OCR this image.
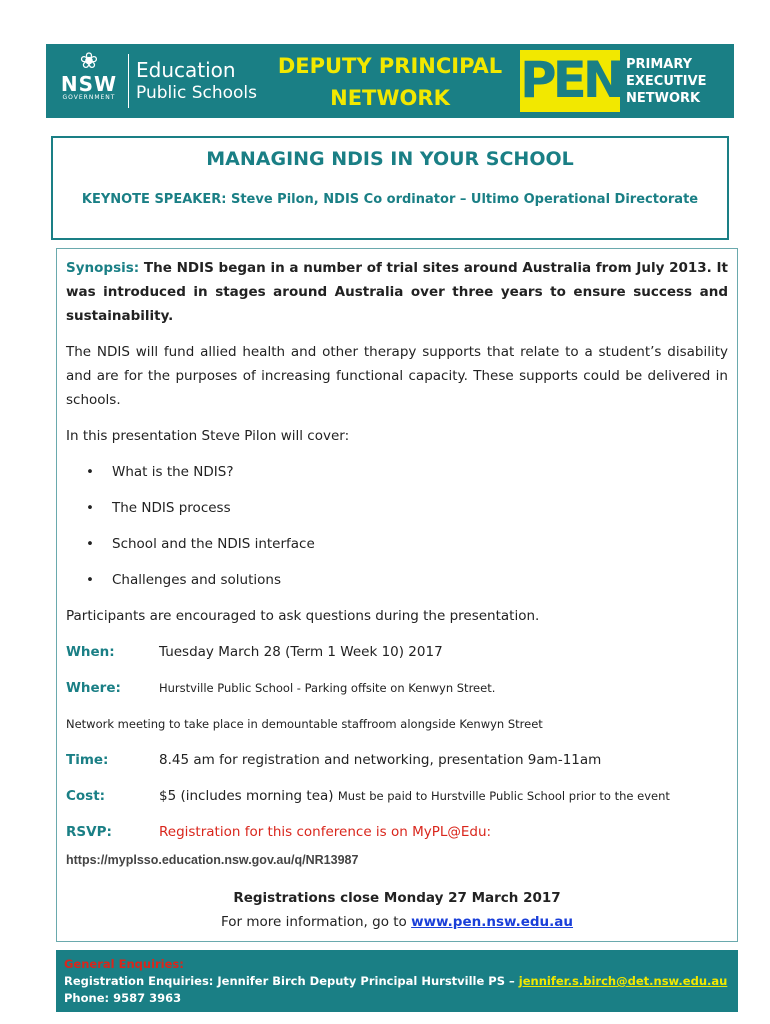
❀
NSW
GOVERNMENT
Education
Public Schools
DEPUTY PRINCIPAL
NETWORK	PEN PRIMARY
EXECUTIVE
NETWORK
MANAGING NDIS IN YOUR SCHOOL
KEYNOTE SPEAKER: Steve Pilon, NDIS Co ordinator – Ultimo Operational Directorate

Synopsis: The NDIS began in a number of trial sites around Australia from July 2013. It was introduced in stages around Australia over three years to ensure success and sustainability.

The NDIS will fund allied health and other therapy supports that relate to a student’s disability and are for the purposes of increasing functional capacity. These supports could be delivered in schools.

In this presentation Steve Pilon will cover:

• What is the NDIS?
• The NDIS process
• School and the NDIS interface
• Challenges and solutions

Participants are encouraged to ask questions during the presentation.

When:	Tuesday March 28 (Term 1 Week 10) 2017
Where:	Hurstville Public School - Parking offsite on Kenwyn Street.
Network meeting to take place in demountable staffroom alongside Kenwyn Street
Time:	8.45 am for registration and networking, presentation 9am-11am
Cost:	$5 (includes morning tea) Must be paid to Hurstville Public School prior to the event
RSVP:	Registration for this conference is on MyPL@Edu:
https://myplsso.education.nsw.gov.au/q/NR13987
Registrations close Monday 27 March 2017
For more information, go to www.pen.nsw.edu.au
General Enquiries:
Registration Enquiries: Jennifer Birch Deputy Principal Hurstville PS – jennifer.s.birch@det.nsw.edu.au
Phone: 9587 3963
